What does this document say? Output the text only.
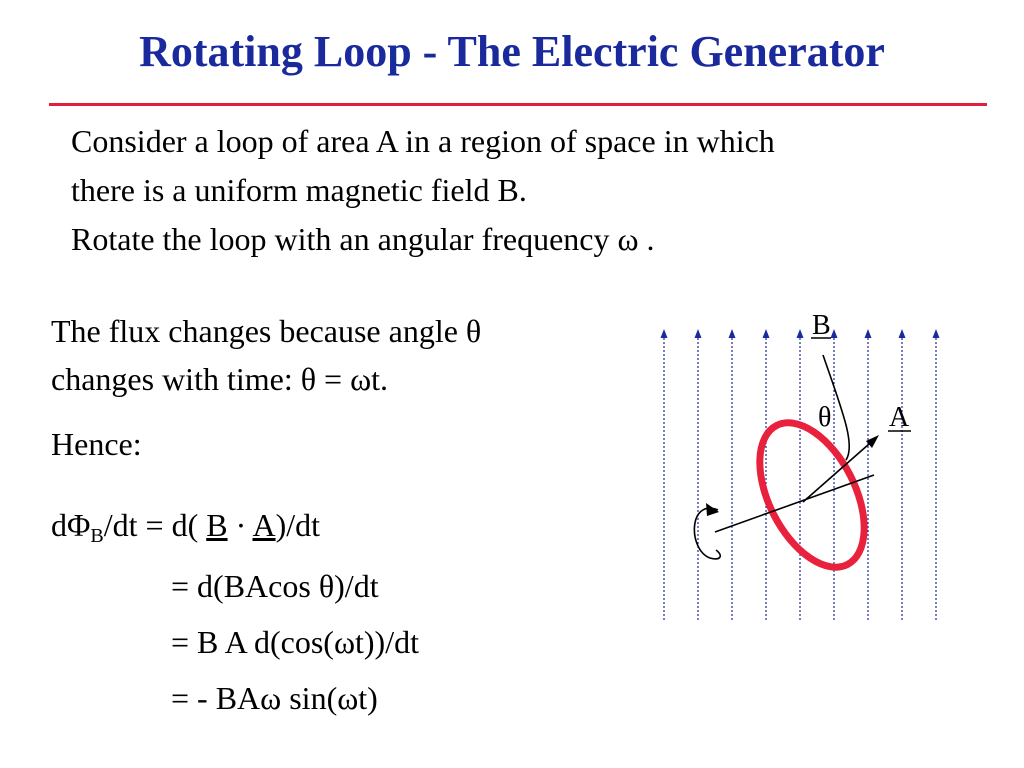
Rotating Loop - The Electric Generator
Consider a loop of area A in a region of space in which
there is a uniform magnetic field B.
Rotate the loop with an angular frequency ω .
The flux changes because angle θ
changes with time: θ = ωt.
Hence:
$d\Phi_B/dt = d$( B · A)/dt
= d(BAcos θ)/dt
= B A d(cos(ωt))/dt
= - BAω sin(ωt)
B
θ A
